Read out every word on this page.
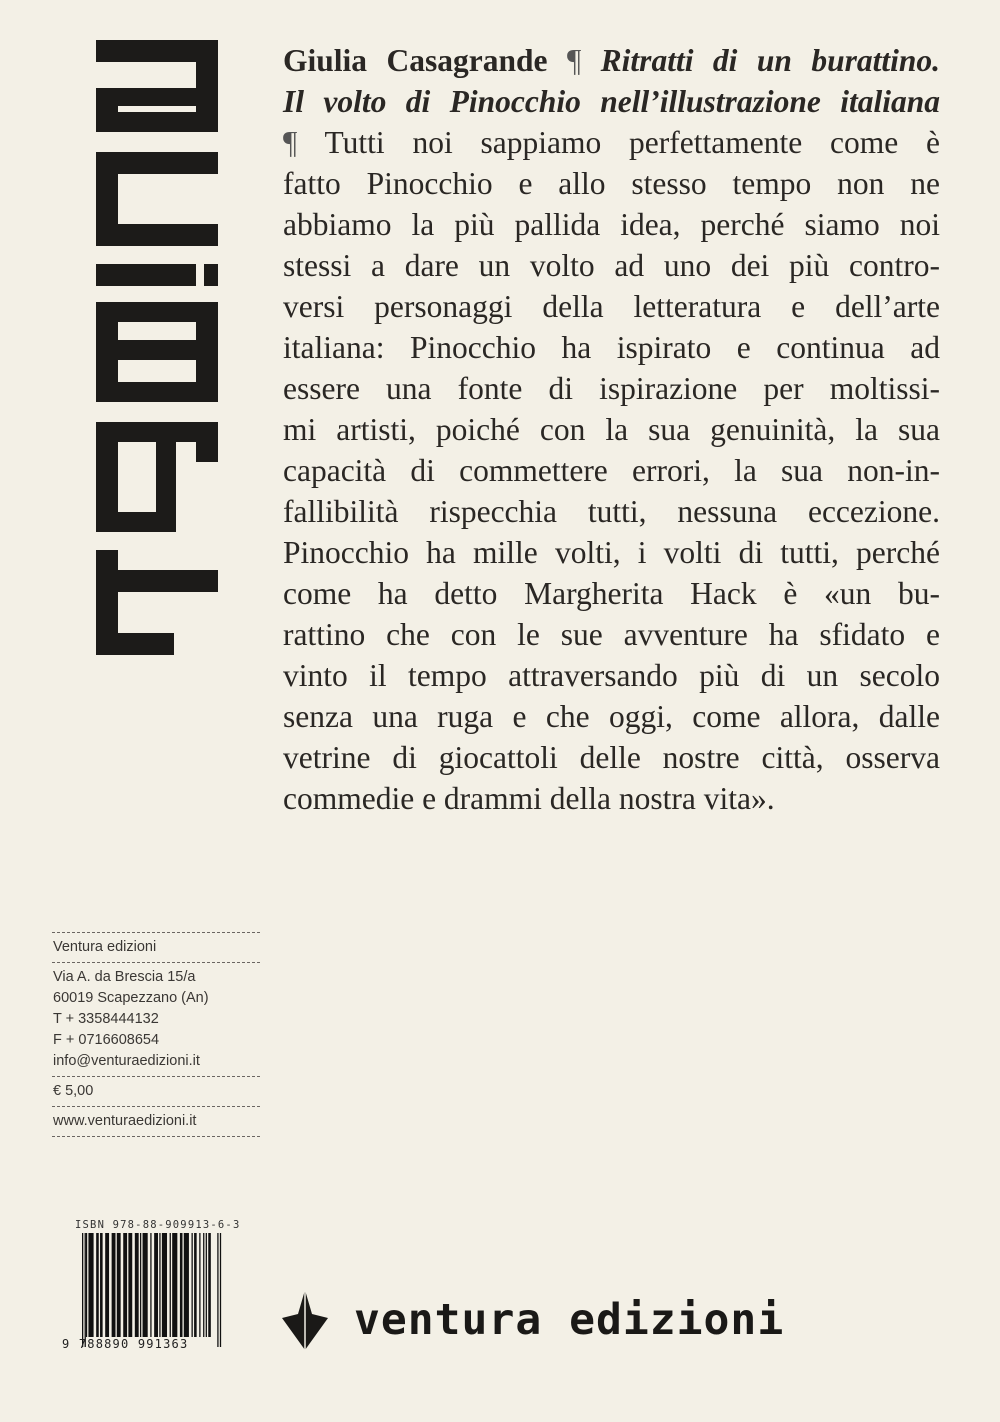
Giulia Casagrande ¶ Ritratti di un burattino.
Il volto di Pinocchio nell’illustrazione italiana
¶ Tutti noi sappiamo perfettamente come è
fatto Pinocchio e allo stesso tempo non ne
abbiamo la più pallida idea, perché siamo noi
stessi a dare un volto ad uno dei più contro-
versi personaggi della letteratura e dell’arte
italiana: Pinocchio ha ispirato e continua ad
essere una fonte di ispirazione per moltissi-
mi artisti, poiché con la sua genuinità, la sua
capacità di commettere errori, la sua non-in-
fallibilità rispecchia tutti, nessuna eccezione.
Pinocchio ha mille volti, i volti di tutti, perché
come ha detto Margherita Hack è «un bu-
rattino che con le sue avventure ha sfidato e
vinto il tempo attraversando più di un secolo
senza una ruga e che oggi, come allora, dalle
vetrine di giocattoli delle nostre città, osserva
commedie e drammi della nostra vita».
Ventura edizioni
Via A. da Brescia 15/a
60019 Scapezzano (An)
T + 3358444132
F + 0716608654
info@venturaedizioni.it
€ 5,00
www.venturaedizioni.it
ISBN 978-88-909913-6-3
9 788890 991363	ventura edizioni
